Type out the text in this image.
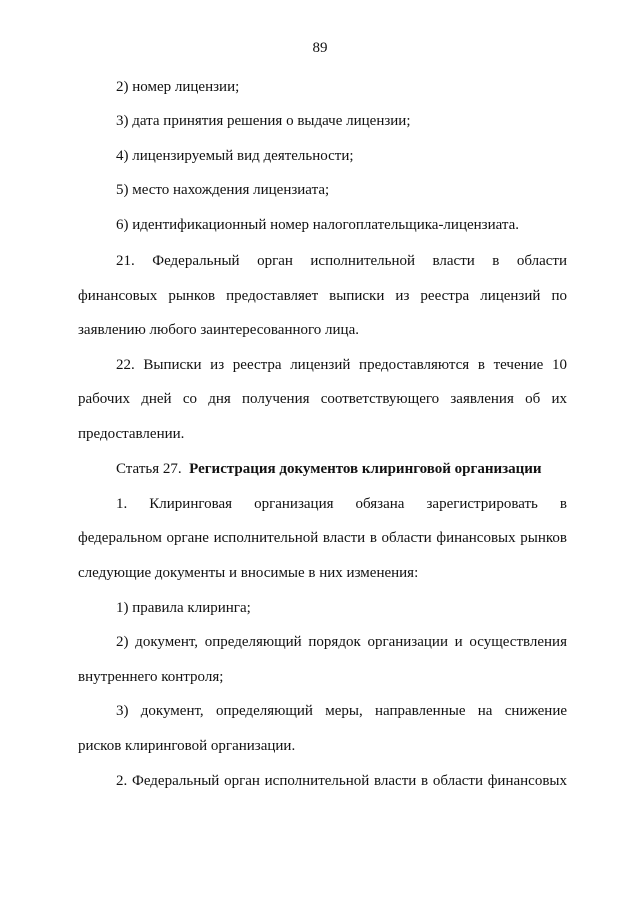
89
2) номер лицензии;
3) дата принятия решения о выдаче лицензии;
4) лицензируемый вид деятельности;
5) место нахождения лицензиата;
6) идентификационный номер налогоплательщика-лицензиата.
21. Федеральный орган исполнительной власти в области
финансовых рынков предоставляет выписки из реестра лицензий по
заявлению любого заинтересованного лица.
22. Выписки из реестра лицензий предоставляются в течение 10
рабочих дней со дня получения соответствующего заявления об их
предоставлении.
Статья 27. Регистрация документов клиринговой организации
1. Клиринговая организация обязана зарегистрировать в
федеральном органе исполнительной власти в области финансовых рынков
следующие документы и вносимые в них изменения:
1) правила клиринга;
2) документ, определяющий порядок организации и осуществления
внутреннего контроля;
3) документ, определяющий меры, направленные на снижение
рисков клиринговой организации.
2. Федеральный орган исполнительной власти в области финансовых
